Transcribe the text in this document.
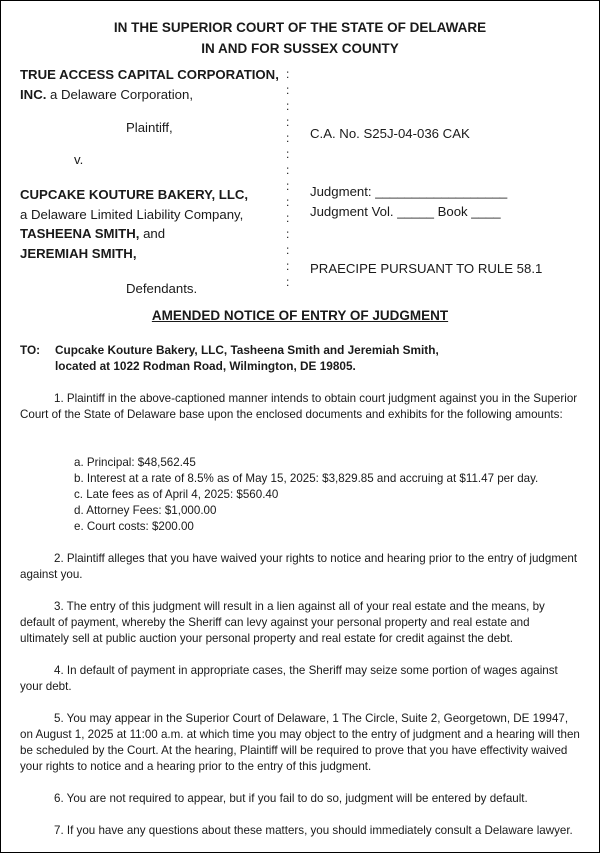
IN THE SUPERIOR COURT OF THE STATE OF DELAWARE
IN AND FOR SUSSEX COUNTY
TRUE ACCESS CAPITAL CORPORATION,
INC. a Delaware Corporation,
Plaintiff,
v.
CUPCAKE KOUTURE BAKERY, LLC,
a Delaware Limited Liability Company,
TASHEENA SMITH, and
JEREMIAH SMITH,
Defendants.
:
:
:
:
:
:
:
:
:
:
:
:
:
:
C.A. No. S25J-04-036 CAK
Judgment: __________________
Judgment Vol. _____ Book ____
PRAECIPE PURSUANT TO RULE 58.1
AMENDED NOTICE OF ENTRY OF JUDGMENT
TO: Cupcake Kouture Bakery, LLC, Tasheena Smith and Jeremiah Smith,
located at 1022 Rodman Road, Wilmington, DE 19805.
1. Plaintiff in the above-captioned manner intends to obtain court judgment against you in the Superior Court of the State of Delaware base upon the enclosed documents and exhibits for the following amounts:
a. Principal: $48,562.45
b. Interest at a rate of 8.5% as of May 15, 2025: $3,829.85 and accruing at $11.47 per day.
c. Late fees as of April 4, 2025: $560.40
d. Attorney Fees: $1,000.00
e. Court costs: $200.00
2. Plaintiff alleges that you have waived your rights to notice and hearing prior to the entry of judgment against you.
3. The entry of this judgment will result in a lien against all of your real estate and the means, by default of payment, whereby the Sheriff can levy against your personal property and real estate and ultimately sell at public auction your personal property and real estate for credit against the debt.
4. In default of payment in appropriate cases, the Sheriff may seize some portion of wages against your debt.
5. You may appear in the Superior Court of Delaware, 1 The Circle, Suite 2, Georgetown, DE 19947, on August 1, 2025 at 11:00 a.m. at which time you may object to the entry of judgment and a hearing will then be scheduled by the Court. At the hearing, Plaintiff will be required to prove that you have effectivity waived your rights to notice and a hearing prior to the entry of this judgment.
6. You are not required to appear, but if you fail to do so, judgment will be entered by default.
7. If you have any questions about these matters, you should immediately consult a Delaware lawyer.
